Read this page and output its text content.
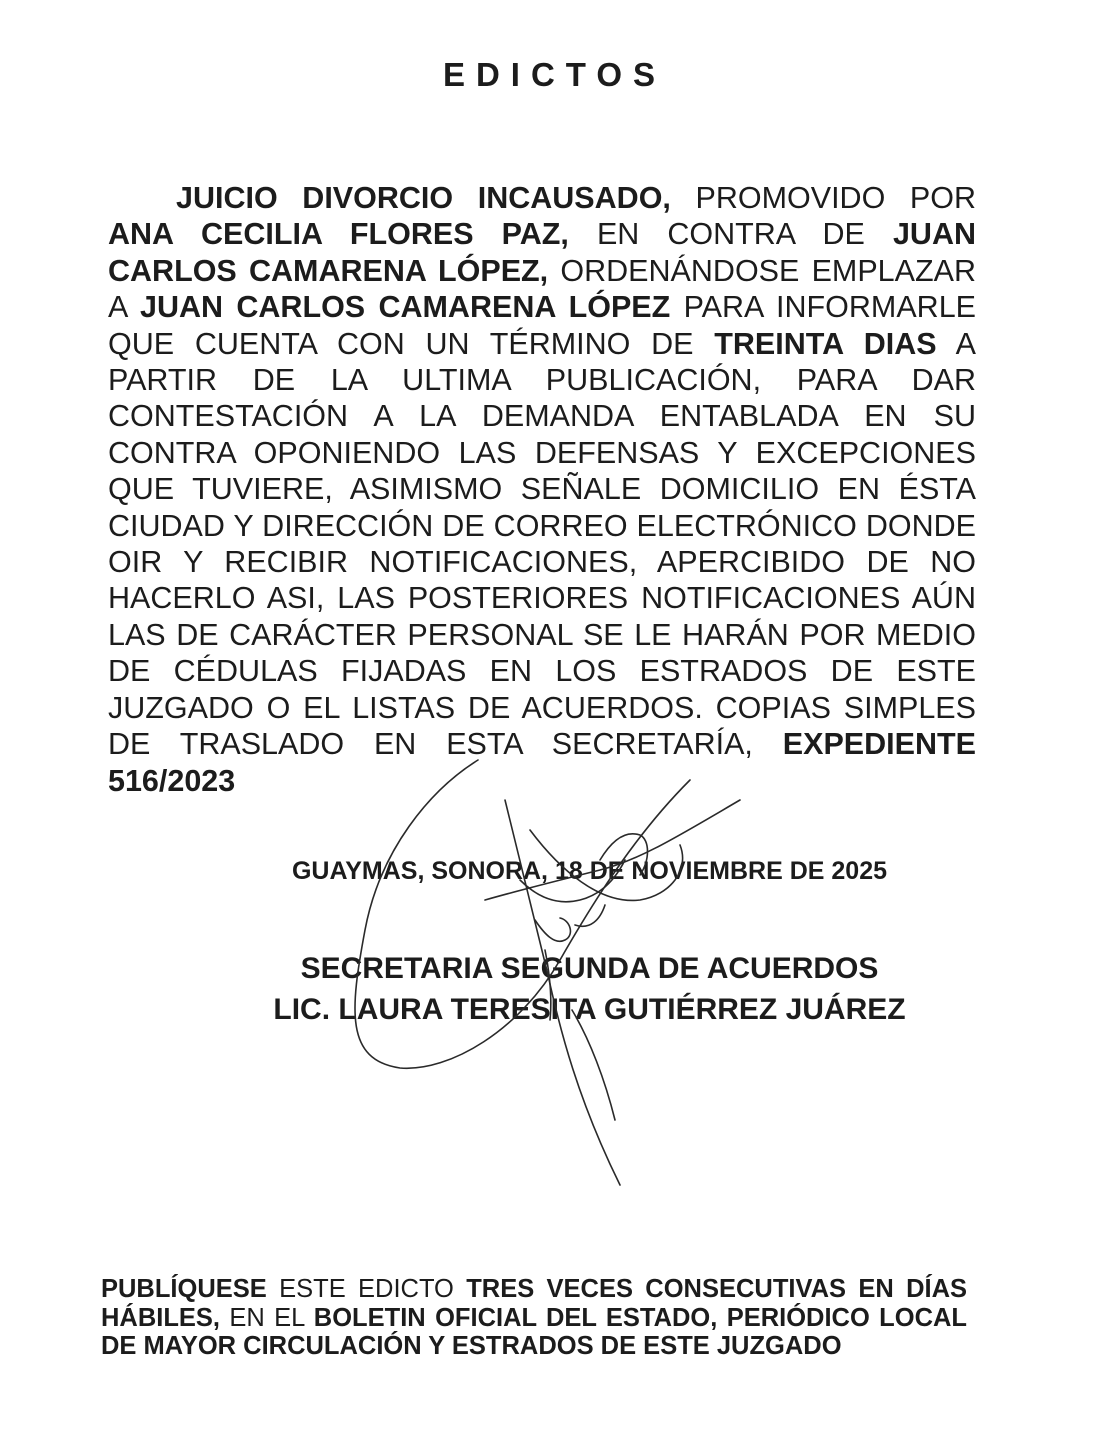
EDICTOS

JUICIO DIVORCIO INCAUSADO, PROMOVIDO POR ANA CECILIA FLORES PAZ, EN CONTRA DE JUAN CARLOS CAMARENA LÓPEZ, ORDENÁNDOSE EMPLAZAR A JUAN CARLOS CAMARENA LÓPEZ PARA INFORMARLE QUE CUENTA CON UN TÉRMINO DE TREINTA DIAS A PARTIR DE LA ULTIMA PUBLICACIÓN, PARA DAR CONTESTACIÓN A LA DEMANDA ENTABLADA EN SU CONTRA OPONIENDO LAS DEFENSAS Y EXCEPCIONES QUE TUVIERE, ASIMISMO SEÑALE DOMICILIO EN ÉSTA CIUDAD Y DIRECCIÓN DE CORREO ELECTRÓNICO DONDE OIR Y RECIBIR NOTIFICACIONES, APERCIBIDO DE NO HACERLO ASI, LAS POSTERIORES NOTIFICACIONES AÚN LAS DE CARÁCTER PERSONAL SE LE HARÁN POR MEDIO DE CÉDULAS FIJADAS EN LOS ESTRADOS DE ESTE JUZGADO O EL LISTAS DE ACUERDOS. COPIAS SIMPLES DE TRASLADO EN ESTA SECRETARÍA, EXPEDIENTE 516/2023

GUAYMAS, SONORA, 18 DE NOVIEMBRE DE 2025
SECRETARIA SEGUNDA DE ACUERDOS
LIC. LAURA TERESITA GUTIÉRREZ JUÁREZ

PUBLÍQUESE ESTE EDICTO TRES VECES CONSECUTIVAS EN DÍAS HÁBILES, EN EL BOLETIN OFICIAL DEL ESTADO, PERIÓDICO LOCAL DE MAYOR CIRCULACIÓN Y ESTRADOS DE ESTE JUZGADO
